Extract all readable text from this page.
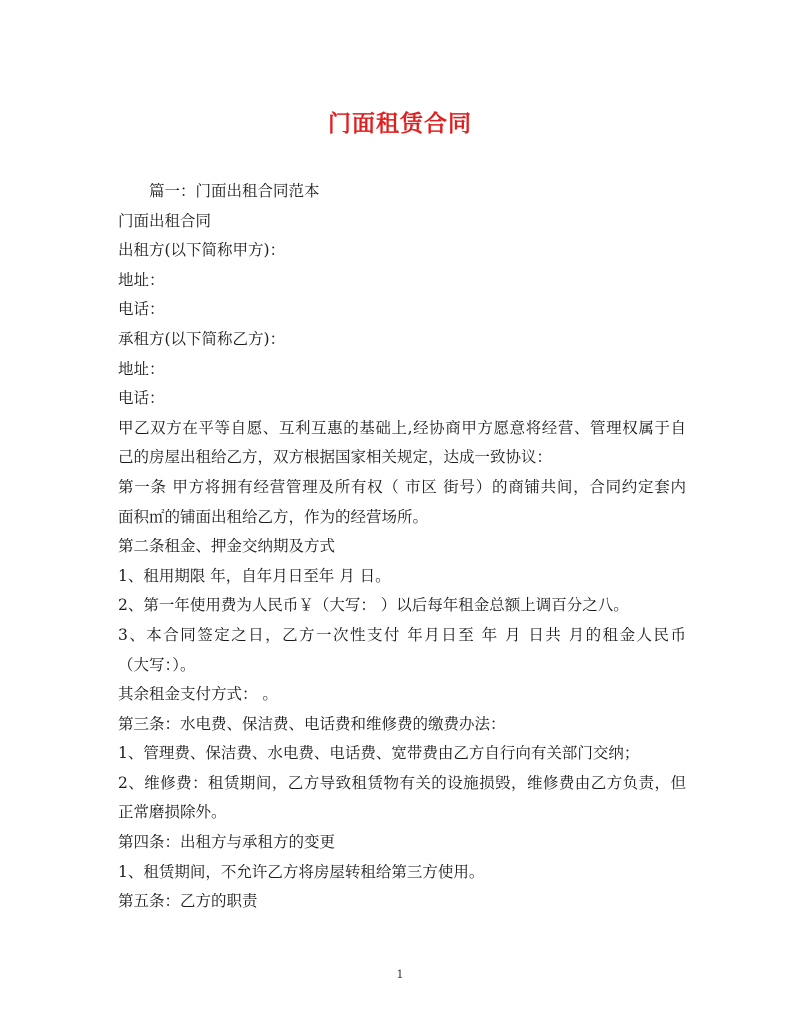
门面租赁合同
篇一：门面出租合同范本
门面出租合同
出租方(以下简称甲方)：
地址：
电话：
承租方(以下简称乙方)：
地址：
电话：
甲乙双方在平等自愿、互利互惠的基础上,经协商甲方愿意将经营、管理权属于自
己的房屋出租给乙方，双方根据国家相关规定，达成一致协议：
第一条 甲方将拥有经营管理及所有权（ 市区 街号）的商铺共间，合同约定套内
面积㎡的铺面出租给乙方，作为的经营场所。
第二条租金、押金交纳期及方式
1、租用期限 年，自年月日至年 月 日。
2、第一年使用费为人民币￥（大写： ）以后每年租金总额上调百分之八。
3、本合同签定之日，乙方一次性支付 年月日至 年 月 日共 月的租金人民币
（大写：）。
其余租金支付方式： 。
第三条：水电费、保洁费、电话费和维修费的缴费办法：
1、管理费、保洁费、水电费、电话费、宽带费由乙方自行向有关部门交纳；
2、维修费：租赁期间，乙方导致租赁物有关的设施损毁，维修费由乙方负责，但
正常磨损除外。
第四条：出租方与承租方的变更
1、租赁期间，不允许乙方将房屋转租给第三方使用。
第五条：乙方的职责
1
